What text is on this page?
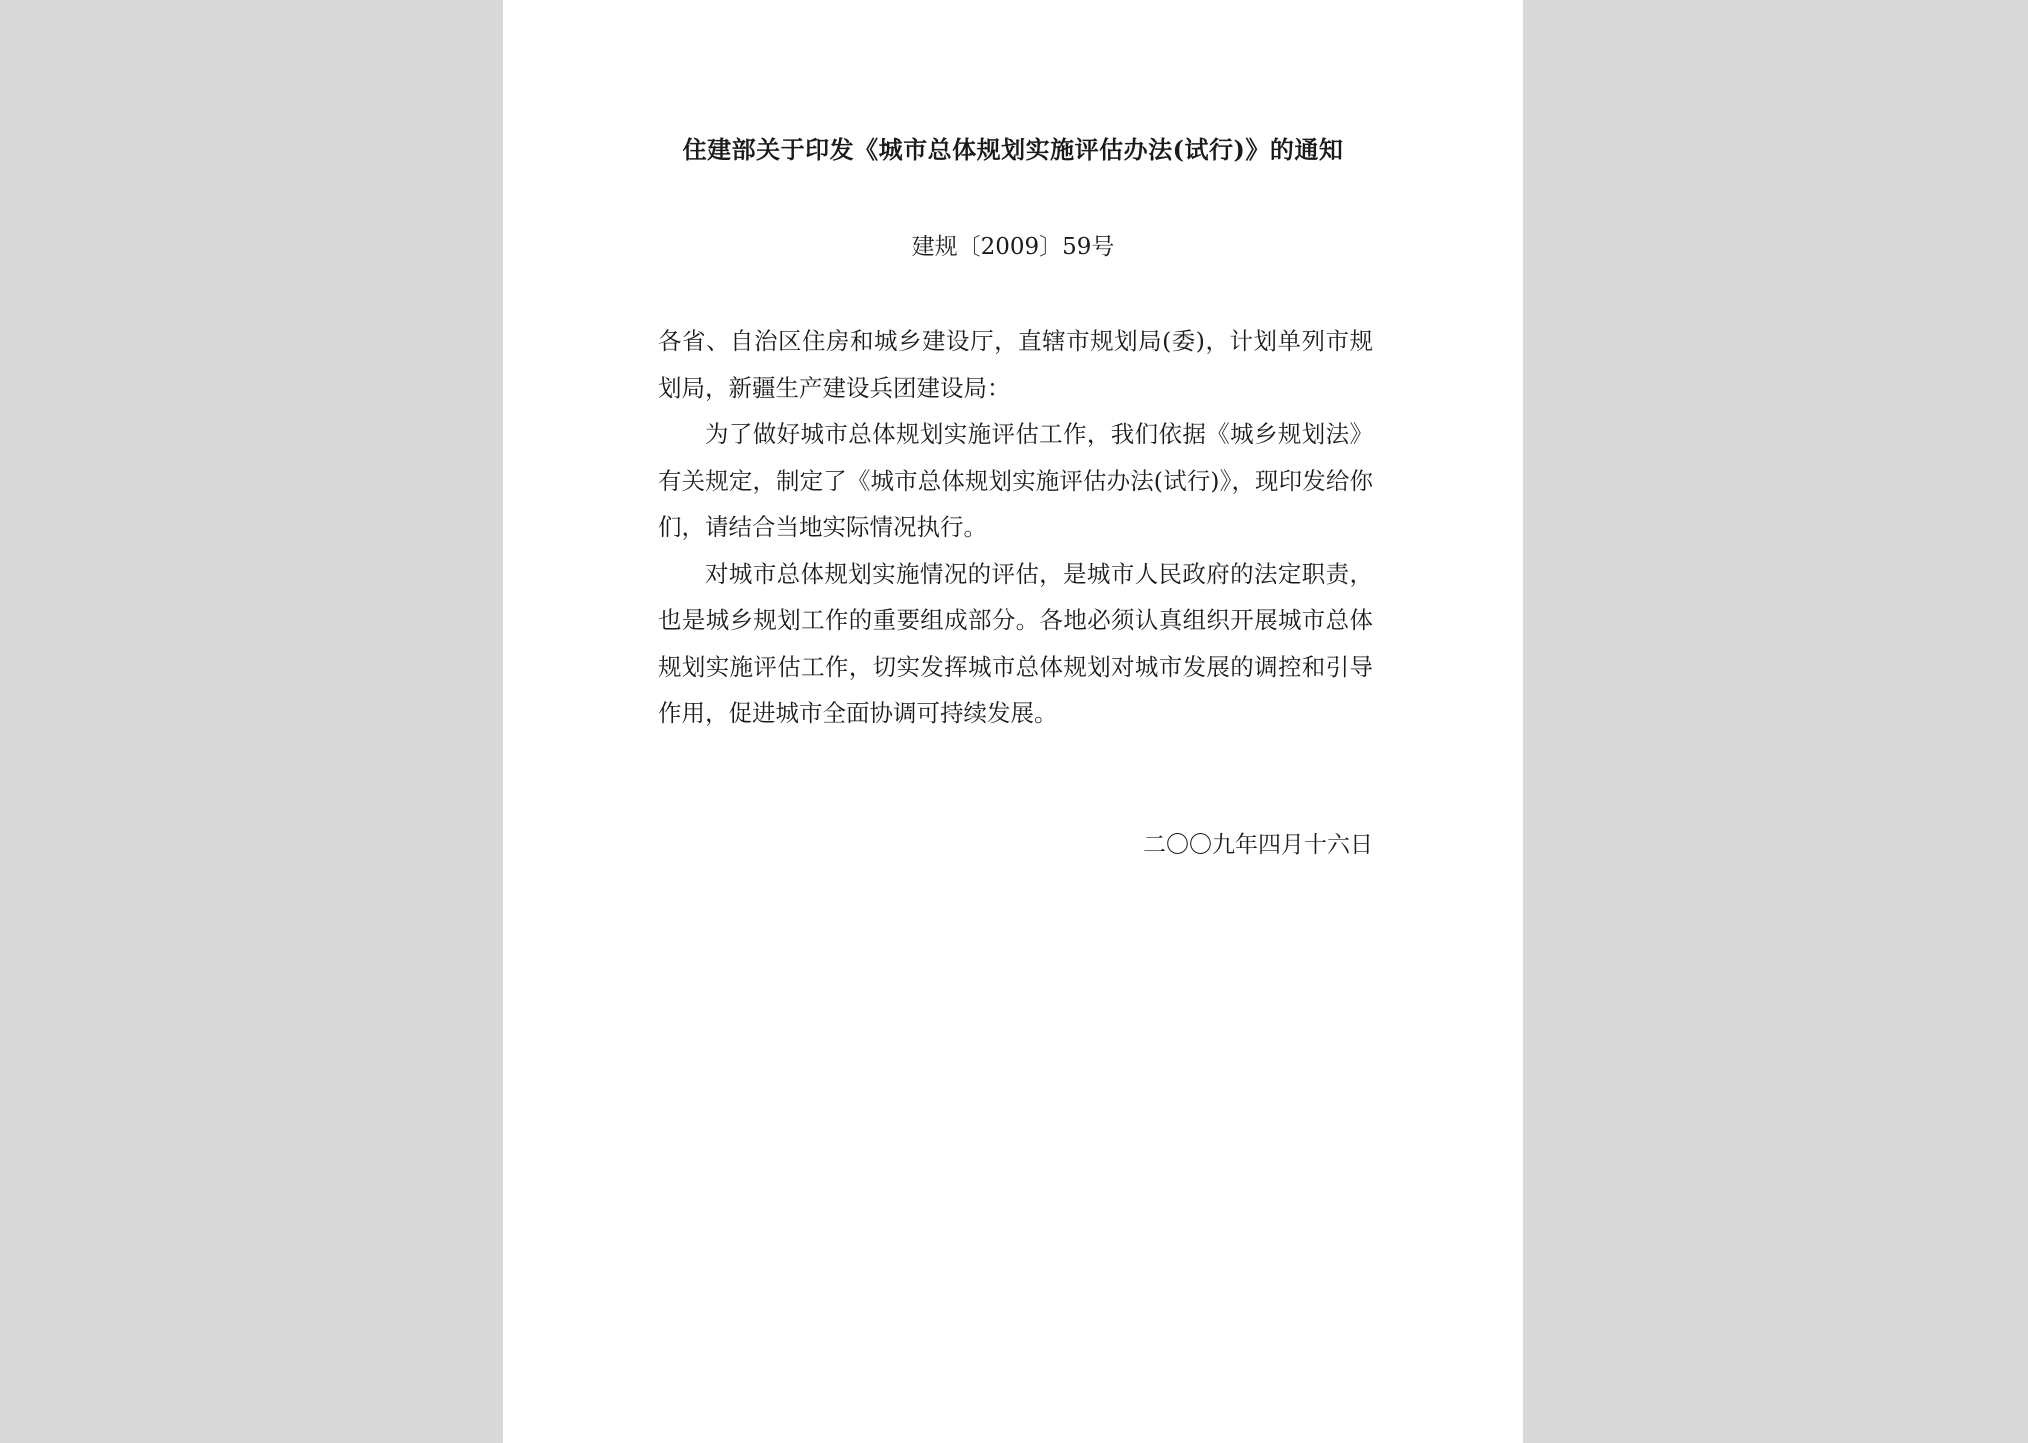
住建部关于印发《城市总体规划实施评估办法(试行)》的通知
建规〔2009〕59号

各省、自治区住房和城乡建设厅，直辖市规划局(委)，计划单列市规划局，新疆生产建设兵团建设局：

为了做好城市总体规划实施评估工作，我们依据《城乡规划法》有关规定，制定了《城市总体规划实施评估办法(试行)》，现印发给你们，请结合当地实际情况执行。

对城市总体规划实施情况的评估，是城市人民政府的法定职责，也是城乡规划工作的重要组成部分。各地必须认真组织开展城市总体规划实施评估工作，切实发挥城市总体规划对城市发展的调控和引导作用，促进城市全面协调可持续发展。

二〇〇九年四月十六日
